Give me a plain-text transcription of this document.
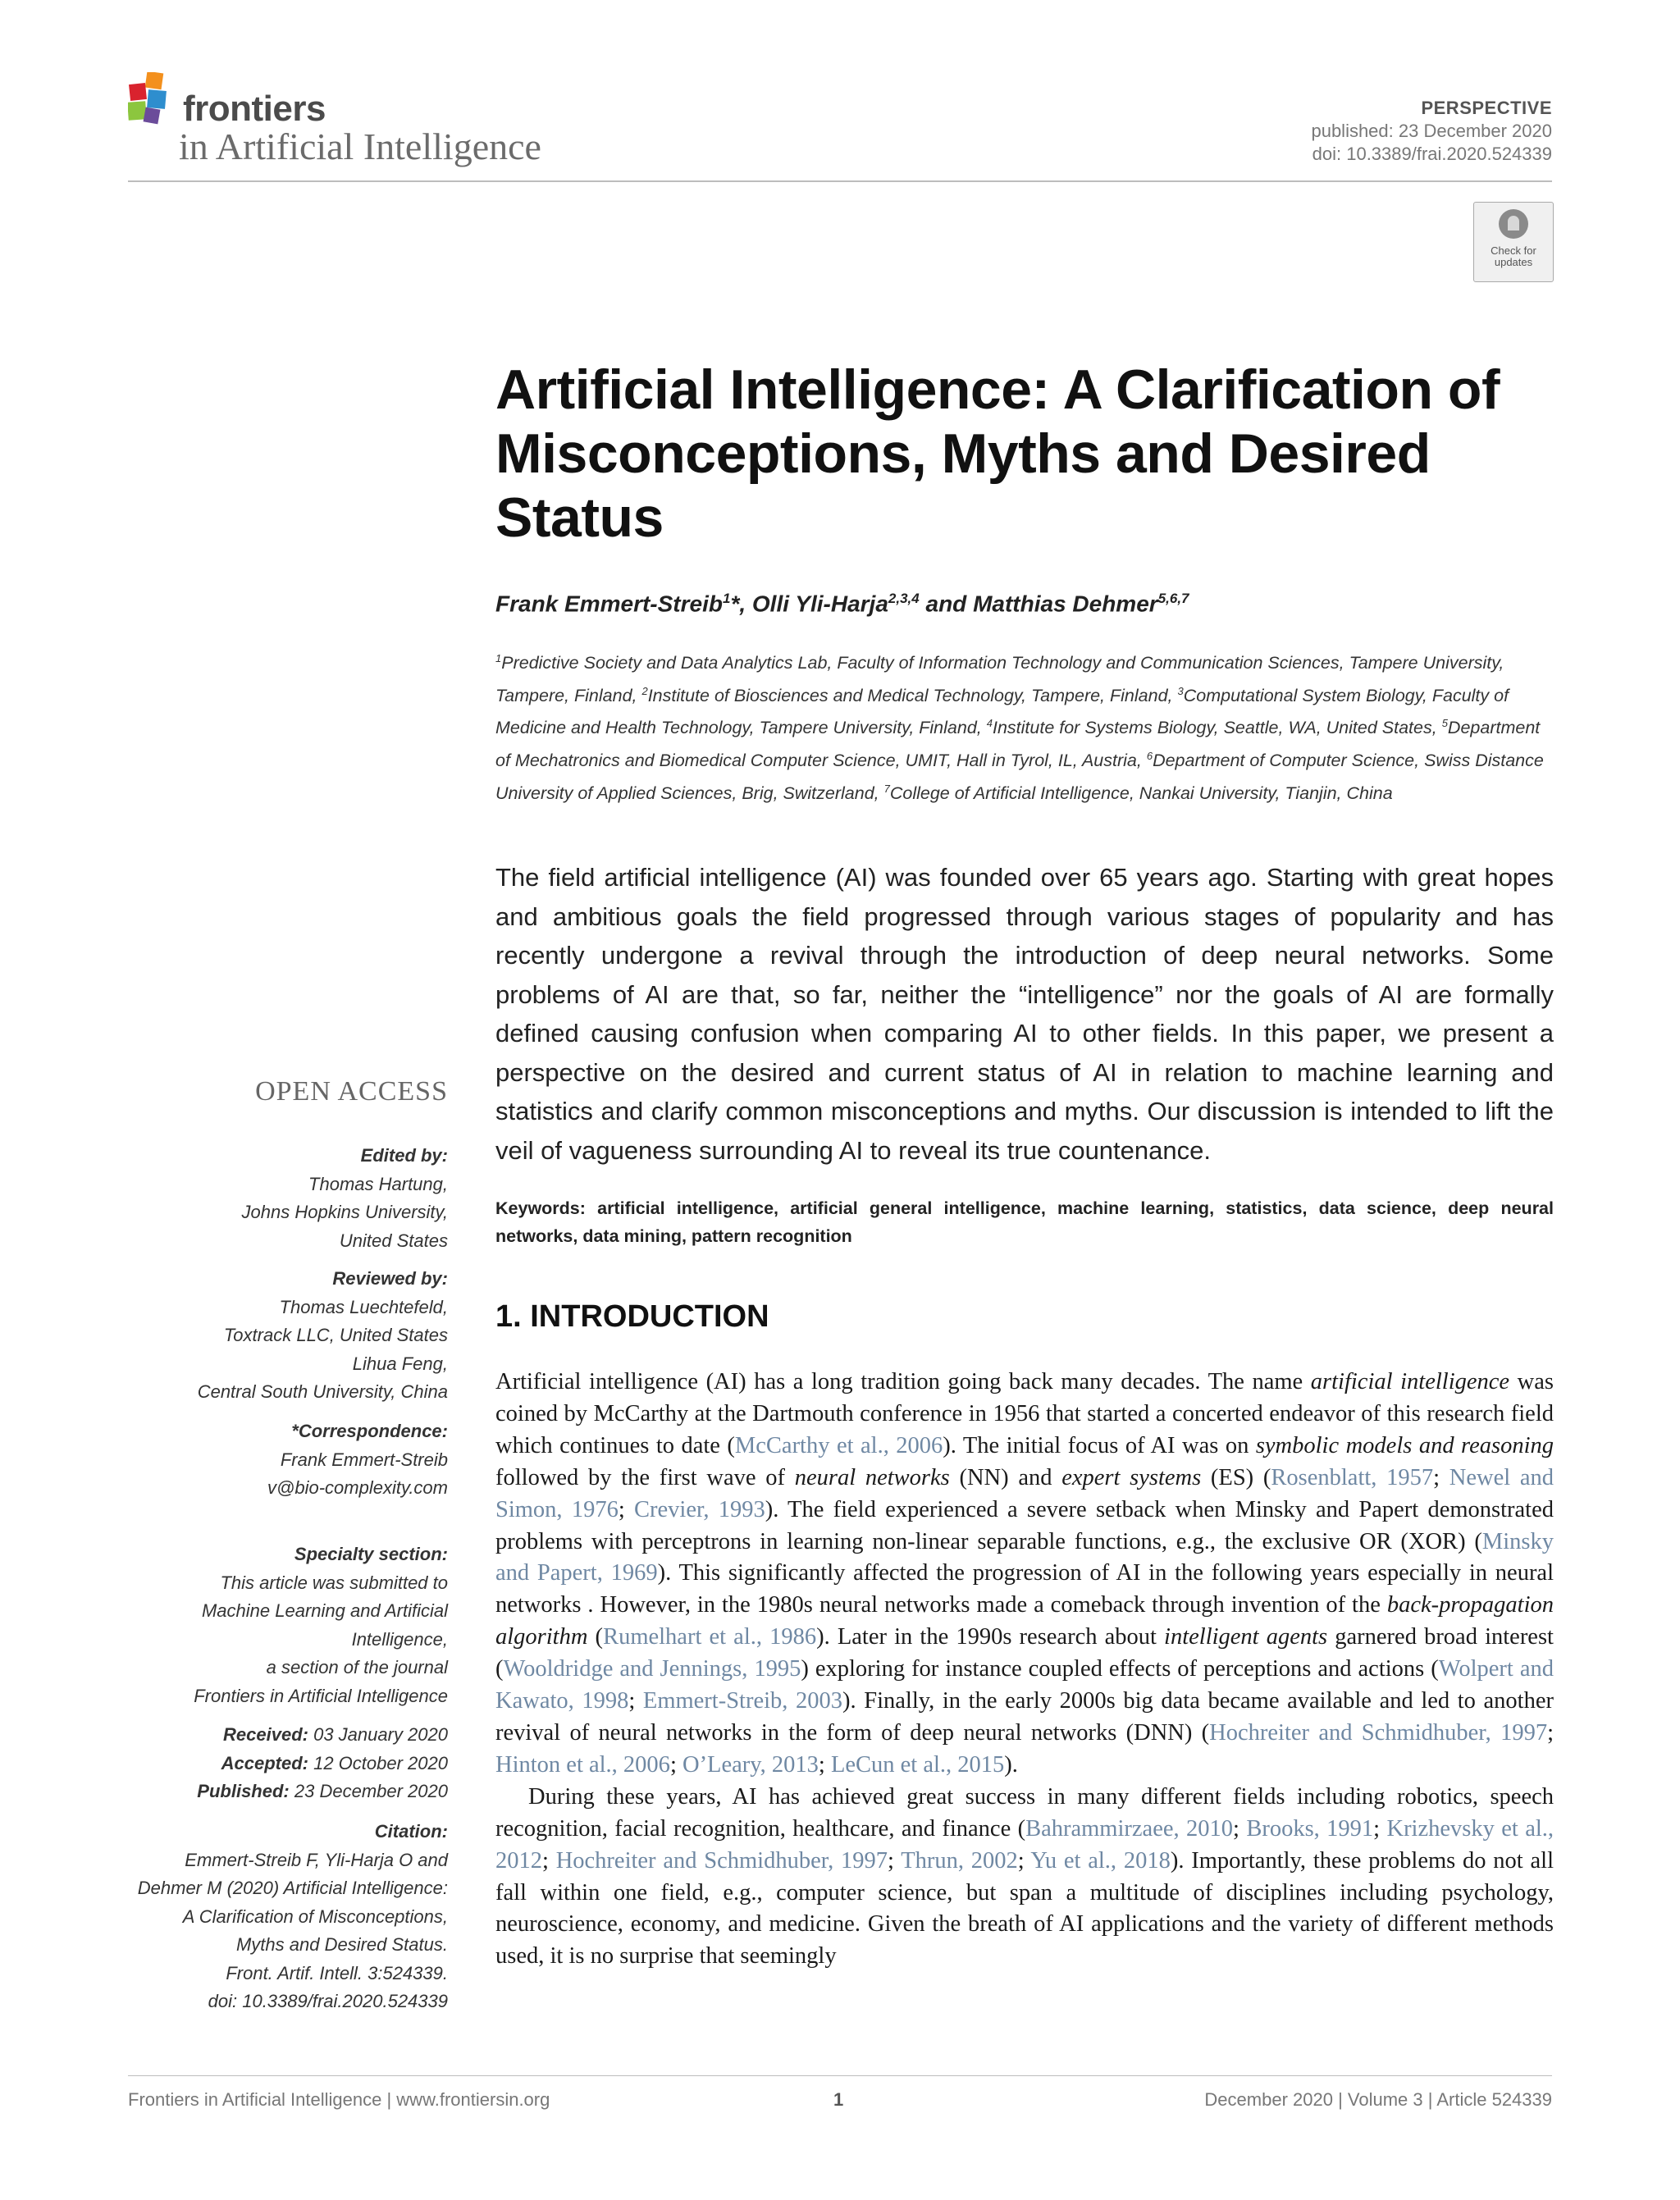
frontiers
in Artificial Intelligence
PERSPECTIVE
published: 23 December 2020
doi: 10.3389/frai.2020.524339
Check for
updates
Artificial Intelligence: A Clarification of Misconceptions, Myths and Desired Status
Frank Emmert-Streib$^1$*, Olli Yli-Harja$^{2,3,4}$ and Matthias Dehmer$^{5,6,7}$
$^1$Predictive Society and Data Analytics Lab, Faculty of Information Technology and Communication Sciences, Tampere University, Tampere, Finland, $^2$Institute of Biosciences and Medical Technology, Tampere, Finland, $^3$Computational System Biology, Faculty of Medicine and Health Technology, Tampere University, Finland, $^4$Institute for Systems Biology, Seattle, WA, United States, $^5$Department of Mechatronics and Biomedical Computer Science, UMIT, Hall in Tyrol, IL, Austria, $^6$Department of Computer Science, Swiss Distance University of Applied Sciences, Brig, Switzerland, $^7$College of Artificial Intelligence, Nankai University, Tianjin, China
The field artificial intelligence (AI) was founded over 65 years ago. Starting with great hopes and ambitious goals the field progressed through various stages of popularity and has recently undergone a revival through the introduction of deep neural networks. Some problems of AI are that, so far, neither the “intelligence” nor the goals of AI are formally defined causing confusion when comparing AI to other fields. In this paper, we present a perspective on the desired and current status of AI in relation to machine learning and statistics and clarify common misconceptions and myths. Our discussion is intended to lift the veil of vagueness surrounding AI to reveal its true countenance.
Keywords: artificial intelligence, artificial general intelligence, machine learning, statistics, data science, deep neural networks, data mining, pattern recognition
1. INTRODUCTION

Artificial intelligence (AI) has a long tradition going back many decades. The name artificial intelligence was coined by McCarthy at the Dartmouth conference in 1956 that started a concerted endeavor of this research field which continues to date (McCarthy et al., 2006). The initial focus of AI was on symbolic models and reasoning followed by the first wave of neural networks (NN) and expert systems (ES) (Rosenblatt, 1957; Newel and Simon, 1976; Crevier, 1993). The field experienced a severe setback when Minsky and Papert demonstrated problems with perceptrons in learning non-linear separable functions, e.g., the exclusive OR (XOR) (Minsky and Papert, 1969). This significantly affected the progression of AI in the following years especially in neural networks . However, in the 1980s neural networks made a comeback through invention of the back-propagation algorithm (Rumelhart et al., 1986). Later in the 1990s research about intelligent agents garnered broad interest (Wooldridge and Jennings, 1995) exploring for instance coupled effects of perceptions and actions (Wolpert and Kawato, 1998; Emmert-Streib, 2003). Finally, in the early 2000s big data became available and led to another revival of neural networks in the form of deep neural networks (DNN) (Hochreiter and Schmidhuber, 1997; Hinton et al., 2006; O’Leary, 2013; LeCun et al., 2015).

During these years, AI has achieved great success in many different fields including robotics, speech recognition, facial recognition, healthcare, and finance (Bahrammirzaee, 2010; Brooks, 1991; Krizhevsky et al., 2012; Hochreiter and Schmidhuber, 1997; Thrun, 2002; Yu et al., 2018). Importantly, these problems do not all fall within one field, e.g., computer science, but span a multitude of disciplines including psychology, neuroscience, economy, and medicine. Given the breath of AI applications and the variety of different methods used, it is no surprise that seemingly

OPEN ACCESS
Edited by:
Thomas Hartung,
Johns Hopkins University,
United States
Reviewed by:
Thomas Luechtefeld,
Toxtrack LLC, United States
Lihua Feng,
Central South University, China
*Correspondence:
Frank Emmert-Streib
v@bio-complexity.com
Specialty section:
This article was submitted to
Machine Learning and Artificial
Intelligence,
a section of the journal
Frontiers in Artificial Intelligence
Received: 03 January 2020
Accepted: 12 October 2020
Published: 23 December 2020
Citation:
Emmert-Streib F, Yli-Harja O and
Dehmer M (2020) Artificial Intelligence:
A Clarification of Misconceptions,
Myths and Desired Status.
Front. Artif. Intell. 3:524339.
doi: 10.3389/frai.2020.524339
Frontiers in Artificial Intelligence | www.frontiersin.org	1	December 2020 | Volume 3 | Article 524339
